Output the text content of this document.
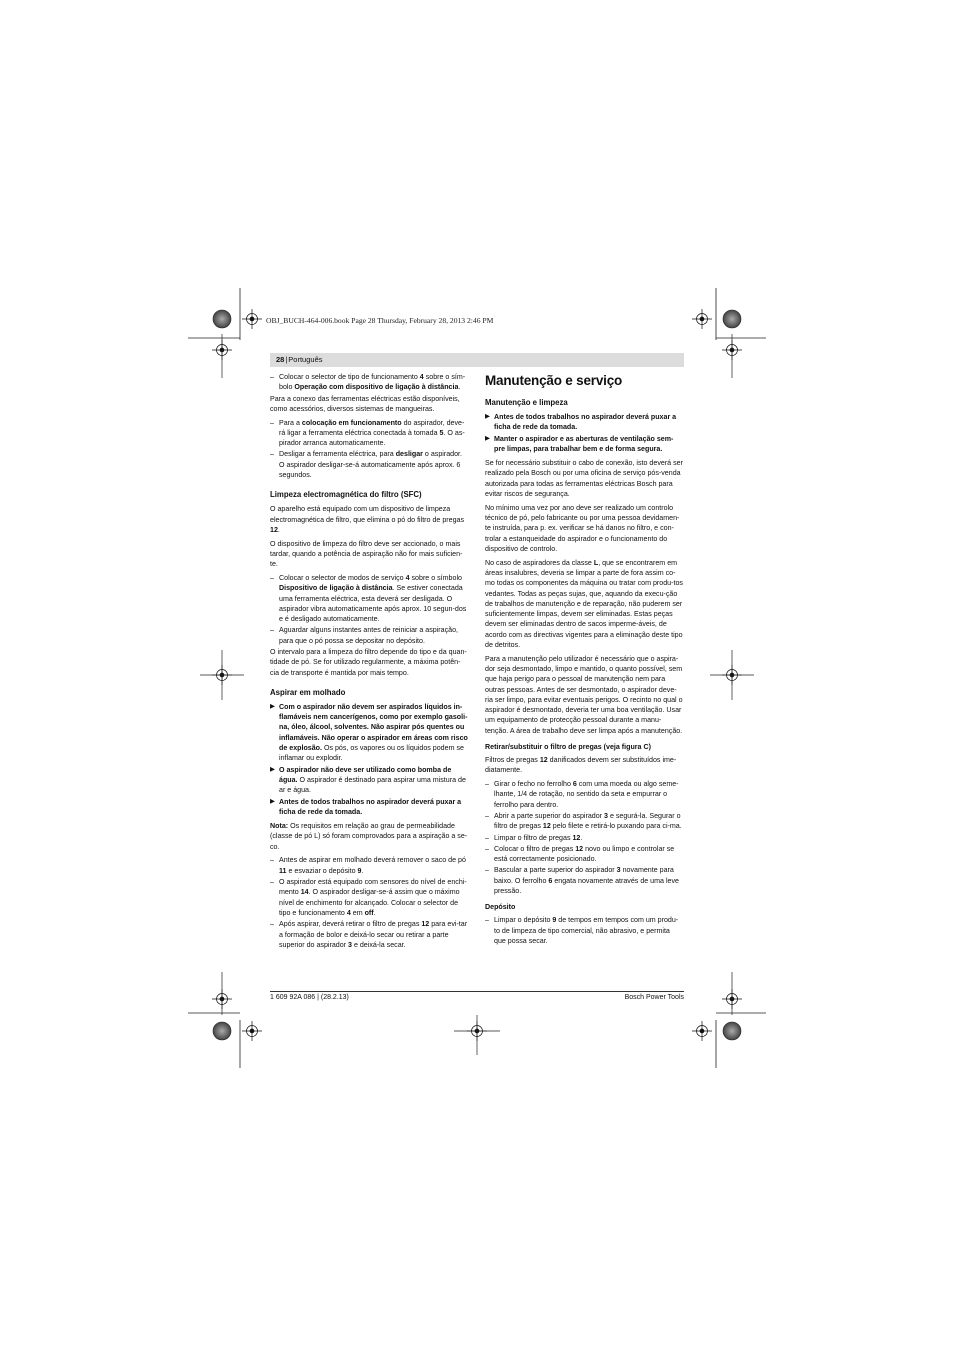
OBJ_BUCH-464-006.book Page 28 Thursday, February 28, 2013 2:46 PM
28|Português
– Colocar o selector de tipo de funcionamento 4 sobre o sím-bolo Operação com dispositivo de ligação à distância.

Para a conexo das ferramentas eléctricas estão disponíveis, como acessórios, diversos sistemas de mangueiras.

– Para a colocação em funcionamento do aspirador, deve-rá ligar a ferramenta eléctrica conectada à tomada 5. O as-pirador arranca automaticamente.
– Desligar a ferramenta eléctrica, para desligar o aspirador. O aspirador desligar-se-á automaticamente após aprox. 6 segundos.
Limpeza electromagnética do filtro (SFC)

O aparelho está equipado com um dispositivo de limpeza electromagnética de filtro, que elimina o pó do filtro de pregas 12.

O dispositivo de limpeza do filtro deve ser accionado, o mais tardar, quando a potência de aspiração não for mais suficien-te.

– Colocar o selector de modos de serviço 4 sobre o símbolo Dispositivo de ligação à distância. Se estiver conectada uma ferramenta eléctrica, esta deverá ser desligada. O aspirador vibra automaticamente após aprox. 10 segun-dos e é desligado automaticamente.
– Aguardar alguns instantes antes de reiniciar a aspiração, para que o pó possa se depositar no depósito.

O intervalo para a limpeza do filtro depende do tipo e da quan-tidade de pó. Se for utilizado regularmente, a máxima potên-cia de transporte é mantida por mais tempo.

Aspirar em molhado
▶ Com o aspirador não devem ser aspirados líquidos in-flamáveis nem cancerígenos, como por exemplo gasoli-na, óleo, álcool, solventes. Não aspirar pós quentes ou inflamáveis. Não operar o aspirador em áreas com risco de explosão. Os pós, os vapores ou os líquidos podem se inflamar ou explodir.
▶ O aspirador não deve ser utilizado como bomba de água. O aspirador é destinado para aspirar uma mistura de ar e água.
▶ Antes de todos trabalhos no aspirador deverá puxar a ficha de rede da tomada.

Nota: Os requisitos em relação ao grau de permeabilidade (classe de pó L) só foram comprovados para a aspiração a se-co.

– Antes de aspirar em molhado deverá remover o saco de pó 11 e esvaziar o depósito 9.
– O aspirador está equipado com sensores do nível de enchi-mento 14. O aspirador desligar-se-á assim que o máximo nível de enchimento for alcançado. Colocar o selector de tipo e funcionamento 4 em off.
– Após aspirar, deverá retirar o filtro de pregas 12 para evi-tar a formação de bolor e deixá-lo secar ou retirar a parte superior do aspirador 3 e deixá-la secar.
Manutenção e serviço
Manutenção e limpeza
▶ Antes de todos trabalhos no aspirador deverá puxar a ficha de rede da tomada.
▶ Manter o aspirador e as aberturas de ventilação sem-pre limpas, para trabalhar bem e de forma segura.

Se for necessário substituir o cabo de conexão, isto deverá ser realizado pela Bosch ou por uma oficina de serviço pós-venda autorizada para todas as ferramentas eléctricas Bosch para evitar riscos de segurança.

No mínimo uma vez por ano deve ser realizado um controlo técnico de pó, pelo fabricante ou por uma pessoa devidamen-te instruída, para p. ex. verificar se há danos no filtro, e con-trolar a estanqueidade do aspirador e o funcionamento do dispositivo de controlo.

No caso de aspiradores da classe L, que se encontrarem em áreas insalubres, deveria se limpar a parte de fora assim co-mo todas os componentes da máquina ou tratar com produ-tos vedantes. Todas as peças sujas, que, aquando da execu-ção de trabalhos de manutenção e de reparação, não puderem ser suficientemente limpas, devem ser eliminadas. Estas peças devem ser eliminadas dentro de sacos imperme-áveis, de acordo com as directivas vigentes para a eliminação deste tipo de detritos.

Para a manutenção pelo utilizador é necessário que o aspira-dor seja desmontado, limpo e mantido, o quanto possível, sem que haja perigo para o pessoal de manutenção nem para outras pessoas. Antes de ser desmontado, o aspirador deve-ria ser limpo, para evitar eventuais perigos. O recinto no qual o aspirador é desmontado, deveria ter uma boa ventilação. Usar um equipamento de protecção pessoal durante a manu-tenção. A área de trabalho deve ser limpa após a manutenção.

Retirar/substituir o filtro de pregas (veja figura C)

Filtros de pregas 12 danificados devem ser substituídos ime-diatamente.

– Girar o fecho no ferrolho 6 com uma moeda ou algo seme-lhante, 1/4 de rotação, no sentido da seta e empurrar o ferrolho para dentro.
– Abrir a parte superior do aspirador 3 e segurá-la. Segurar o filtro de pregas 12 pelo filete e retirá-lo puxando para ci-ma.
– Limpar o filtro de pregas 12.
– Colocar o filtro de pregas 12 novo ou limpo e controlar se está correctamente posicionado.
– Bascular a parte superior do aspirador 3 novamente para baixo. O ferrolho 6 engata novamente através de uma leve pressão.
Depósito
– Limpar o depósito 9 de tempos em tempos com um produ-to de limpeza de tipo comercial, não abrasivo, e permita que possa secar.
1 609 92A 086 | (28.2.13)	Bosch Power Tools
